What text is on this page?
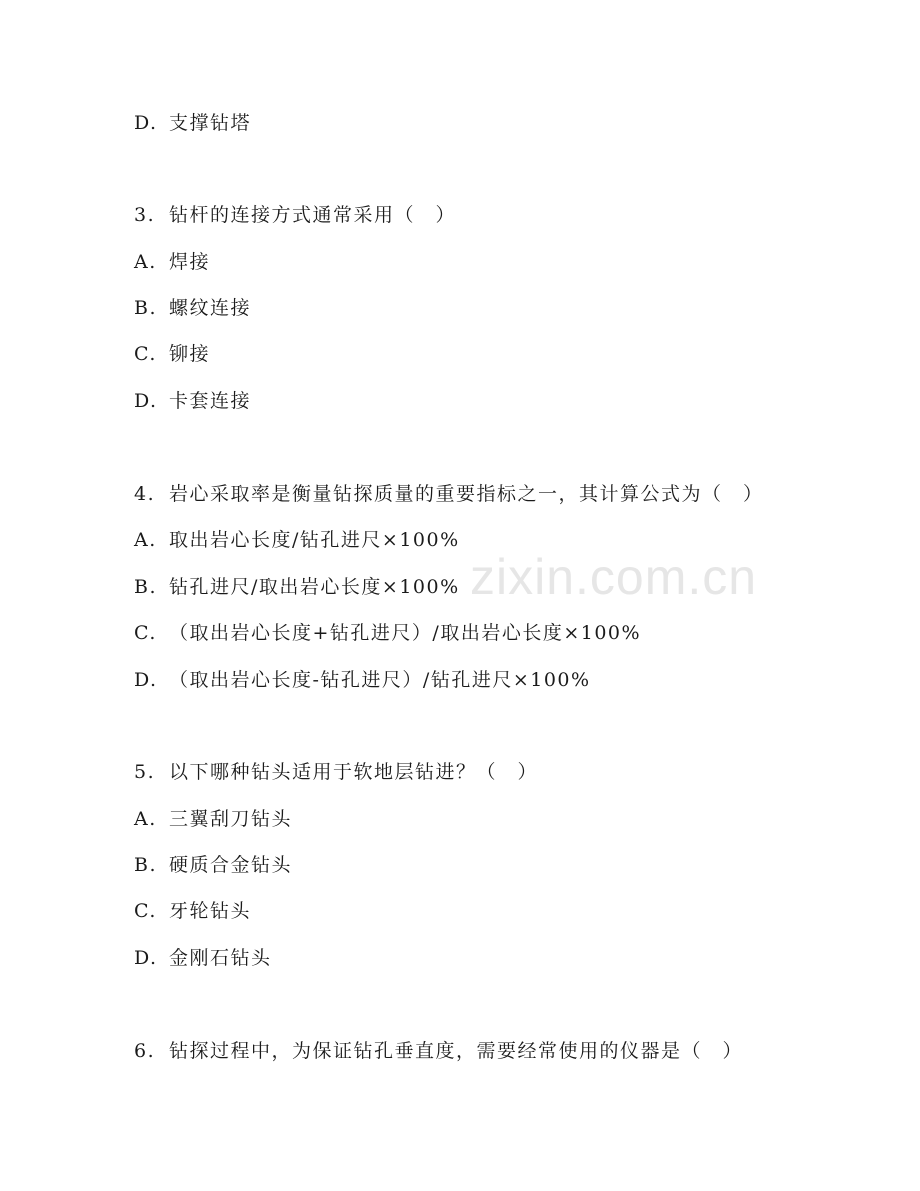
D. 支撑钻塔
3. 钻杆的连接方式通常采用（　）
A. 焊接
B. 螺纹连接
C. 铆接
D. 卡套连接
4. 岩心采取率是衡量钻探质量的重要指标之一，其计算公式为（　）
A. 取出岩心长度/钻孔进尺×100%
B. 钻孔进尺/取出岩心长度×100%
C. （取出岩心长度+钻孔进尺）/取出岩心长度×100%
D. （取出岩心长度-钻孔进尺）/钻孔进尺×100%
5. 以下哪种钻头适用于软地层钻进？（　）
A. 三翼刮刀钻头
B. 硬质合金钻头
C. 牙轮钻头
D. 金刚石钻头
6. 钻探过程中，为保证钻孔垂直度，需要经常使用的仪器是（　）
zixin.com.cn
